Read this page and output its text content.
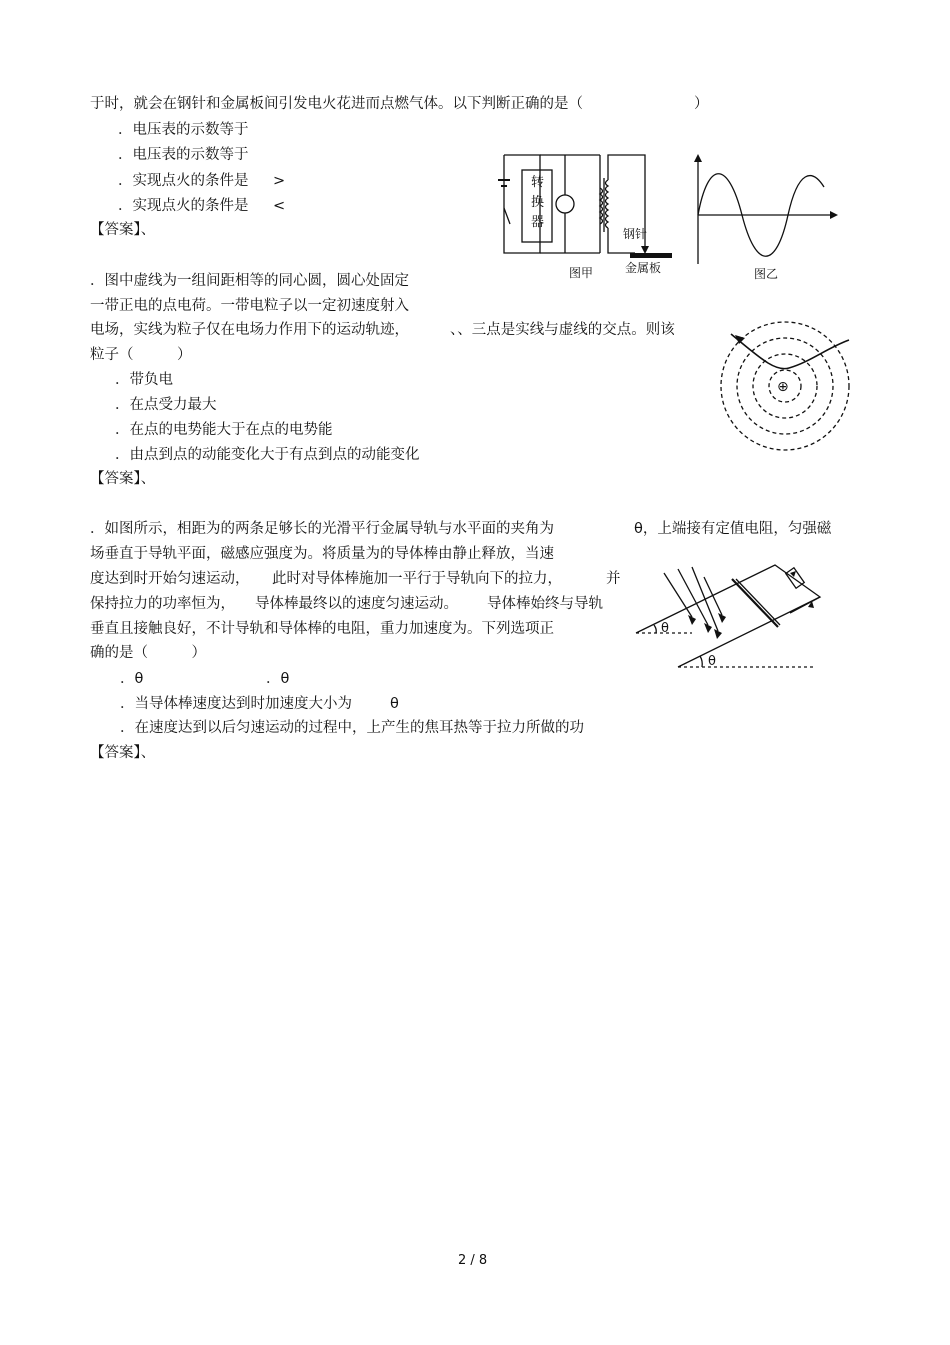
于时，就会在钢针和金属板间引发电火花进而点燃气体。以下判断正确的是（	）
．电压表的示数等于
．电压表的示数等于
．实现点火的条件是 >
．实现点火的条件是 <
【答案】、
转
换
器
钢针
金属板
图甲	图乙
．图中虚线为一组间距相等的同心圆，圆心处固定
一带正电的点电荷。一带电粒子以一定初速度射入
电场，实线为粒子仅在电场力作用下的运动轨迹，	、、三点是实线与虚线的交点。则该
粒子（　　　）
．带负电
．在点受力最大
．在点的电势能大于在点的电势能
．由点到点的动能变化大于有点到点的动能变化
【答案】、
⊕
．如图所示，相距为的两条足够长的光滑平行金属导轨与水平面的夹角为	θ，上端接有定值电阻，匀强磁
场垂直于导轨平面，磁感应强度为。将质量为的导体棒由静止释放，当速
度达到时开始匀速运动， 此时对导体棒施加一平行于导轨向下的拉力，	并
保持拉力的功率恒为， 导体棒最终以的速度匀速运动。 导体棒始终与导轨
垂直且接触良好，不计导轨和导体棒的电阻，重力加速度为。下列选项正
确的是（　　　）
．θ	．θ
．当导体棒速度达到时加速度大小为	θ
．在速度达到以后匀速运动的过程中，上产生的焦耳热等于拉力所做的功
【答案】、
θ
θ
2 / 8
